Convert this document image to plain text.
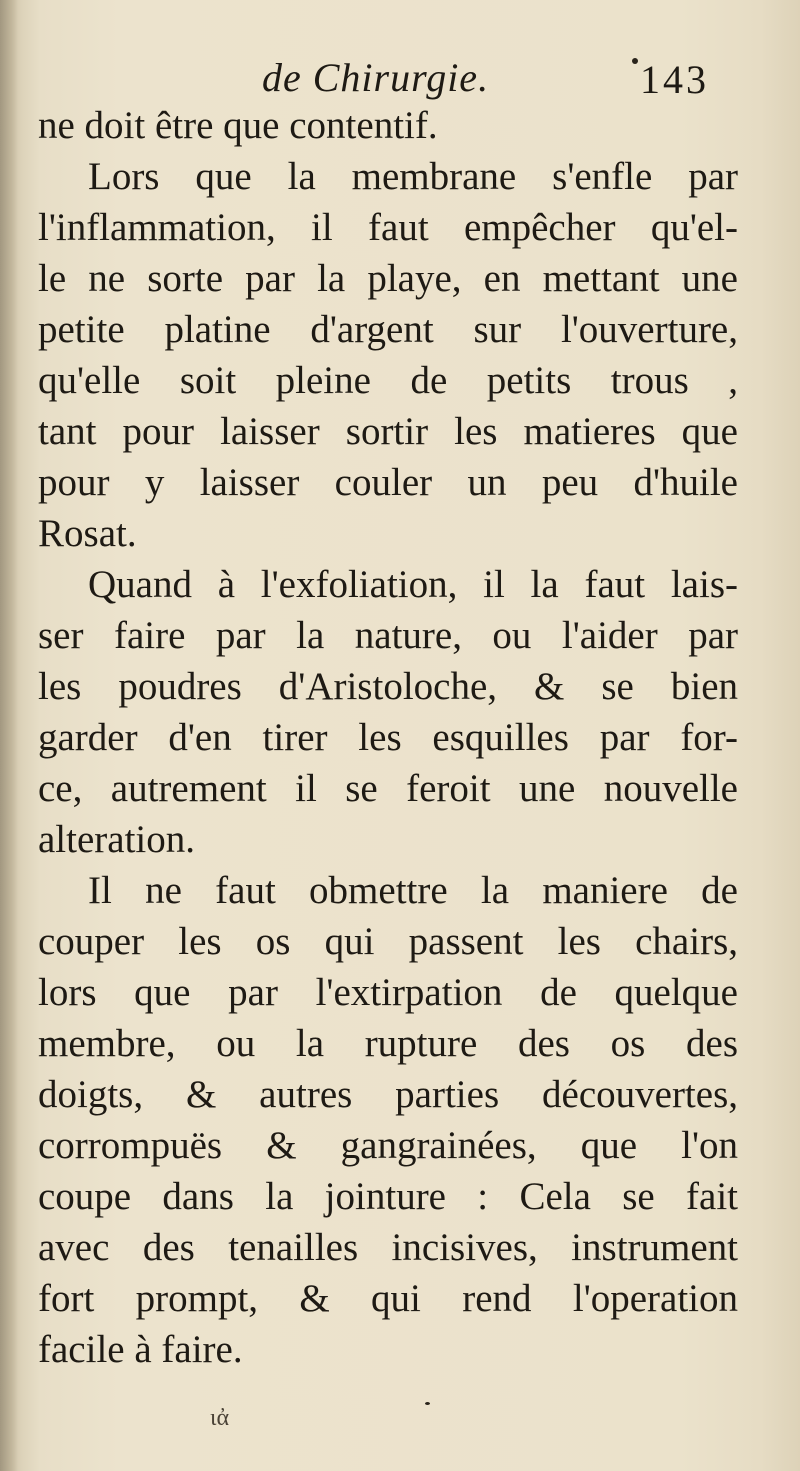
de Chirurgie.	143
ne doit être que contentif.
Lors que la membrane s'enfle par
l'inflammation, il faut empêcher qu'el-
le ne sorte par la playe, en mettant une
petite platine d'argent sur l'ouverture,
qu'elle soit pleine de petits trous ,
tant pour laisser sortir les matieres que
pour y laisser couler un peu d'huile
Rosat.
Quand à l'exfoliation, il la faut lais-
ser faire par la nature, ou l'aider par
les poudres d'Aristoloche, & se bien
garder d'en tirer les esquilles par for-
ce, autrement il se feroit une nouvelle
alteration.
Il ne faut obmettre la maniere de
couper les os qui passent les chairs,
lors que par l'extirpation de quelque
membre, ou la rupture des os des
doigts, & autres parties découvertes,
corrompuës & gangrainées, que l'on
coupe dans la jointure : Cela se fait
avec des tenailles incisives, instrument
fort prompt, & qui rend l'operation
facile à faire.
ιἀ
